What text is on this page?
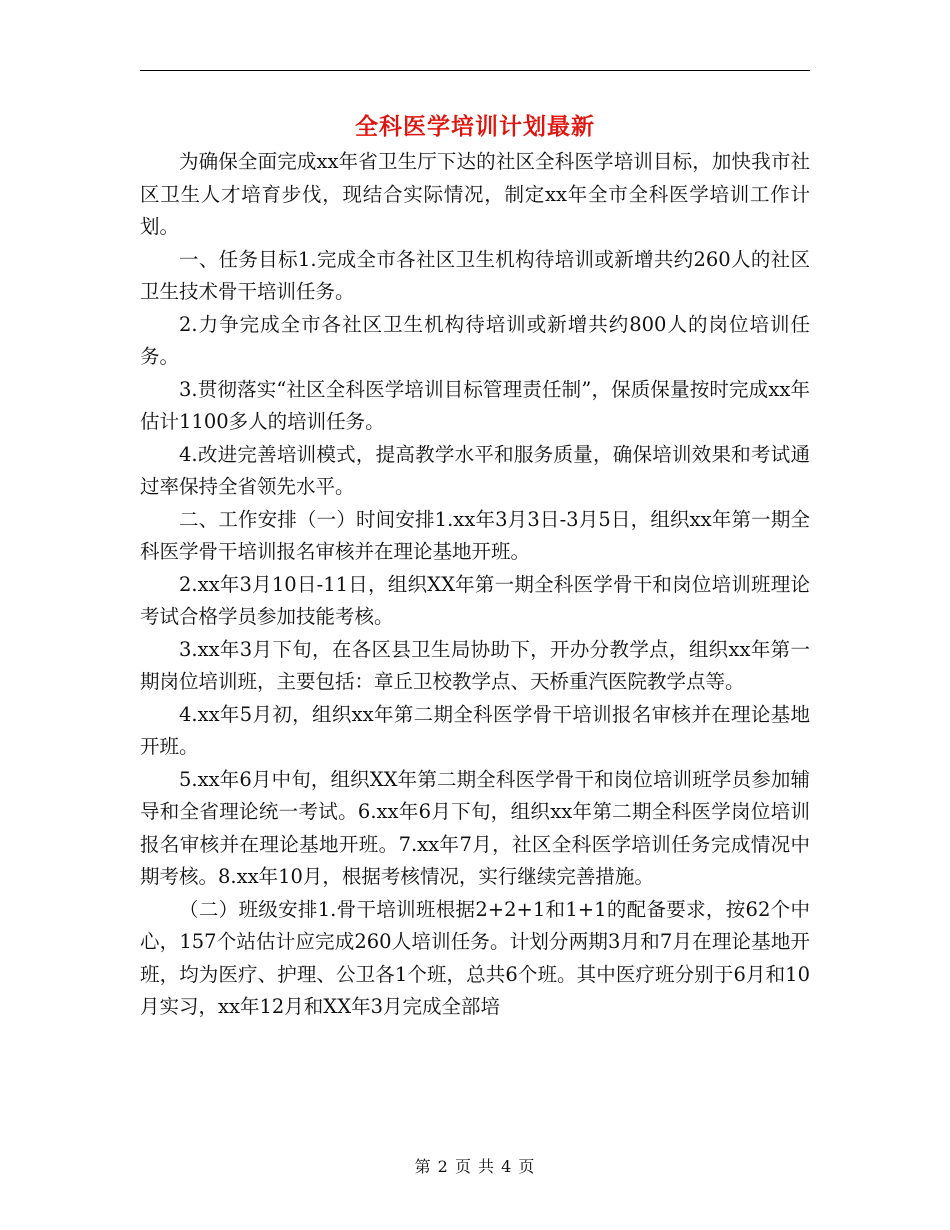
全科医学培训计划最新

为确保全面完成xx年省卫生厅下达的社区全科医学培训目标，加快我市社区卫生人才培育步伐，现结合实际情况，制定xx年全市全科医学培训工作计划。

一、任务目标1.完成全市各社区卫生机构待培训或新增共约260人的社区卫生技术骨干培训任务。

2.力争完成全市各社区卫生机构待培训或新增共约800人的岗位培训任务。

3.贯彻落实“社区全科医学培训目标管理责任制”，保质保量按时完成xx年估计1100多人的培训任务。

4.改进完善培训模式，提高教学水平和服务质量，确保培训效果和考试通过率保持全省领先水平。

二、工作安排（一）时间安排1.xx年3月3日-3月5日，组织xx年第一期全科医学骨干培训报名审核并在理论基地开班。

2.xx年3月10日-11日，组织XX年第一期全科医学骨干和岗位培训班理论考试合格学员参加技能考核。

3.xx年3月下旬，在各区县卫生局协助下，开办分教学点，组织xx年第一期岗位培训班，主要包括：章丘卫校教学点、天桥重汽医院教学点等。

4.xx年5月初，组织xx年第二期全科医学骨干培训报名审核并在理论基地开班。

5.xx年6月中旬，组织XX年第二期全科医学骨干和岗位培训班学员参加辅导和全省理论统一考试。6.xx年6月下旬，组织xx年第二期全科医学岗位培训报名审核并在理论基地开班。7.xx年7月，社区全科医学培训任务完成情况中期考核。8.xx年10月，根据考核情况，实行继续完善措施。

（二）班级安排1.骨干培训班根据2+2+1和1+1的配备要求，按62个中心，157个站估计应完成260人培训任务。计划分两期3月和7月在理论基地开班，均为医疗、护理、公卫各1个班，总共6个班。其中医疗班分别于6月和10月实习，xx年12月和XX年3月完成全部培

第 2 页 共 4 页
